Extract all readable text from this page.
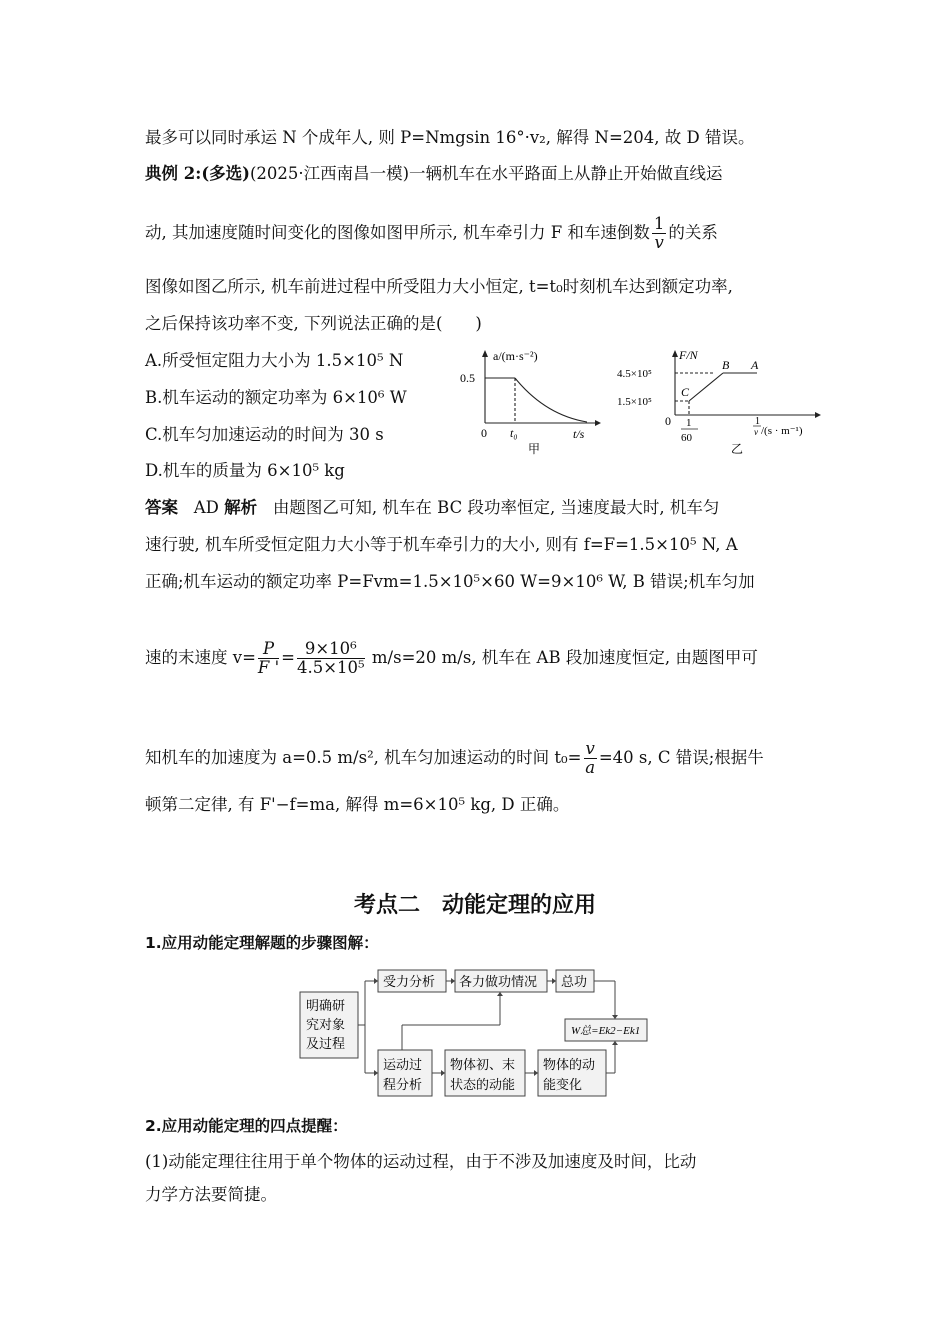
最多可以同时承运 N 个成年人, 则 P=Nmgsin 16°·v₂, 解得 N=204, 故 D 错误。
典例 2:(多选)(2025·江西南昌一模)一辆机车在水平路面上从静止开始做直线运
动, 其加速度随时间变化的图像如图甲所示, 机车牵引力 F 和车速倒数 $\frac{1}{v}$ 的关系
图像如图乙所示, 机车前进过程中所受阻力大小恒定, t=t₀时刻机车达到额定功率,
之后保持该功率不变, 下列说法正确的是(　　)
A.所受恒定阻力大小为 1.5×10⁵ N
B.机车运动的额定功率为 6×10⁶ W
C.机车匀加速运动的时间为 30 s
D.机车的质量为 6×10⁵ kg
a/(m·s⁻²)
0.5
0 t₀	t/s
甲
F/N
4.5×10⁵
1.5×10⁵
0
B A
C
1
60
1
v /(s · m⁻¹)
乙
答案 AD 解析 由题图乙可知, 机车在 BC 段功率恒定, 当速度最大时, 机车匀
速行驶, 机车所受恒定阻力大小等于机车牵引力的大小, 则有 f=F=1.5×10⁵ N, A
正确;机车运动的额定功率 P=Fvm=1.5×10⁵×60 W=9×10⁶ W, B 错误;机车匀加
速的末速度 $v= \frac{P}{F '} = \frac{\text{9×10⁶}}{\text{4.5×10⁵}} m/s=20$ m/s, 机车在 AB 段加速度恒定, 由题图甲可
知机车的加速度为 a=0.5 m/s², 机车匀加速运动的时间 $t_0= \frac{v}{a} =40$ s, C 错误;根据牛
顿第二定律, 有 F'−f=ma, 解得 m=6×10⁵ kg, D 正确。
考点二　动能定理的应用
1.应用动能定理解题的步骤图解：
明确研
究对象
及过程
受力分析 各力做功情况 总功
W总=Ek2−Ek1
运动过
程分析
物体初、末
状态的动能
物体的动
能变化
2.应用动能定理的四点提醒：
(1)动能定理往往用于单个物体的运动过程，由于不涉及加速度及时间，比动
力学方法要简捷。
